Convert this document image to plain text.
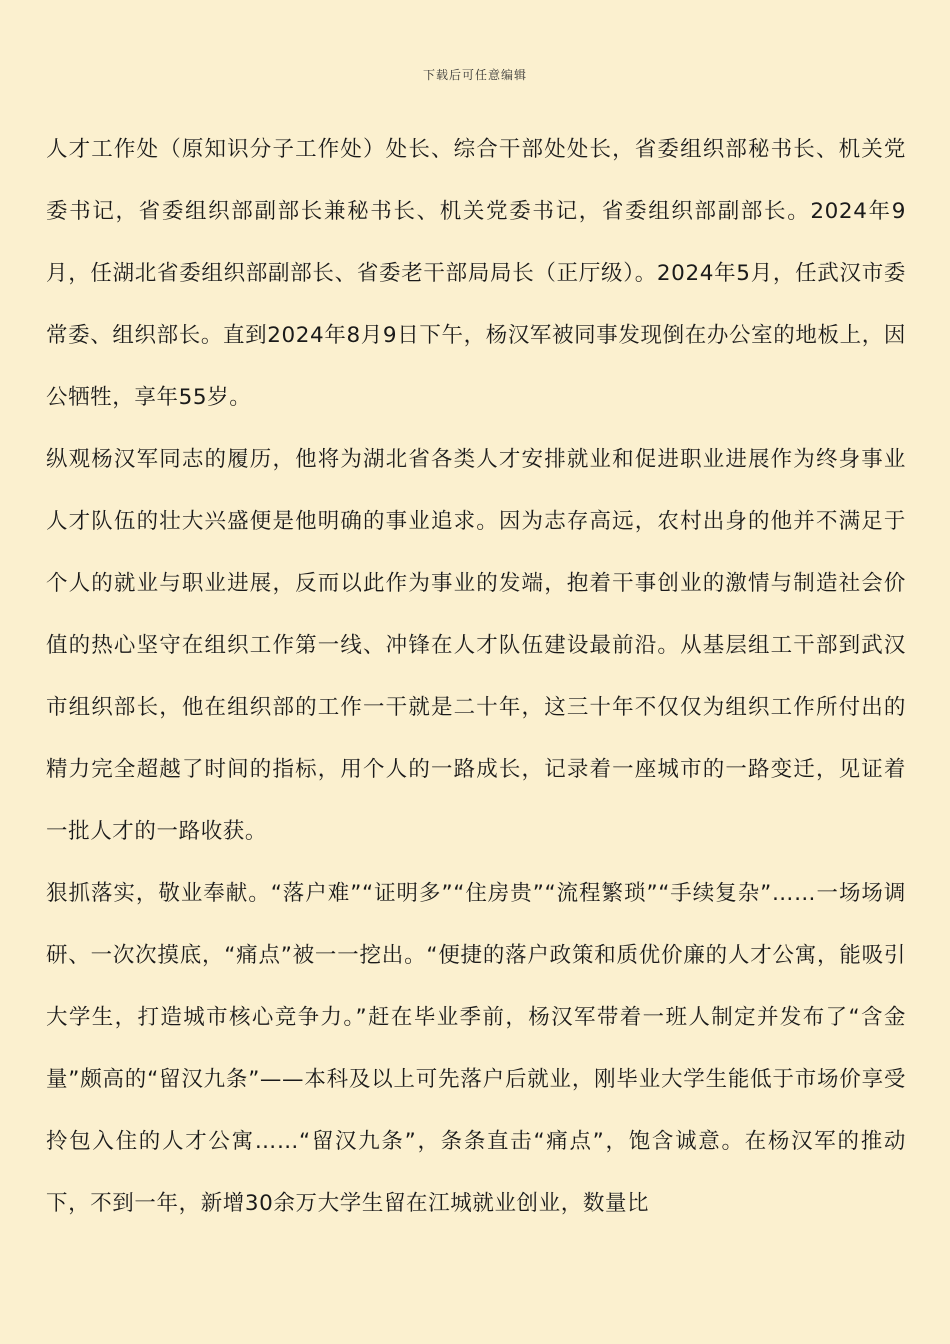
下载后可任意编辑

人才工作处（原知识分子工作处）处长、综合干部处处长，省委组织部秘书长、机关党委书记，省委组织部副部长兼秘书长、机关党委书记，省委组织部副部长。2024年9月，任湖北省委组织部副部长、省委老干部局局长（正厅级）。2024年5月，任武汉市委常委、组织部长。直到2024年8月9日下午，杨汉军被同事发现倒在办公室的地板上，因公牺牲，享年55岁。

纵观杨汉军同志的履历，他将为湖北省各类人才安排就业和促进职业进展作为终身事业人才队伍的壮大兴盛便是他明确的事业追求。因为志存高远，农村出身的他并不满足于个人的就业与职业进展，反而以此作为事业的发端，抱着干事创业的激情与制造社会价值的热心坚守在组织工作第一线、冲锋在人才队伍建设最前沿。从基层组工干部到武汉市组织部长，他在组织部的工作一干就是二十年，这三十年不仅仅为组织工作所付出的精力完全超越了时间的指标，用个人的一路成长，记录着一座城市的一路变迁，见证着一批人才的一路收获。

狠抓落实，敬业奉献。“落户难”“证明多”“住房贵”“流程繁琐”“手续复杂”……一场场调研、一次次摸底，“痛点”被一一挖出。“便捷的落户政策和质优价廉的人才公寓，能吸引大学生，打造城市核心竞争力。”赶在毕业季前，杨汉军带着一班人制定并发布了“含金量”颇高的“留汉九条”——本科及以上可先落户后就业，刚毕业大学生能低于市场价享受拎包入住的人才公寓……“留汉九条”，条条直击“痛点”，饱含诚意。在杨汉军的推动下，不到一年，新增30余万大学生留在江城就业创业，数量比
